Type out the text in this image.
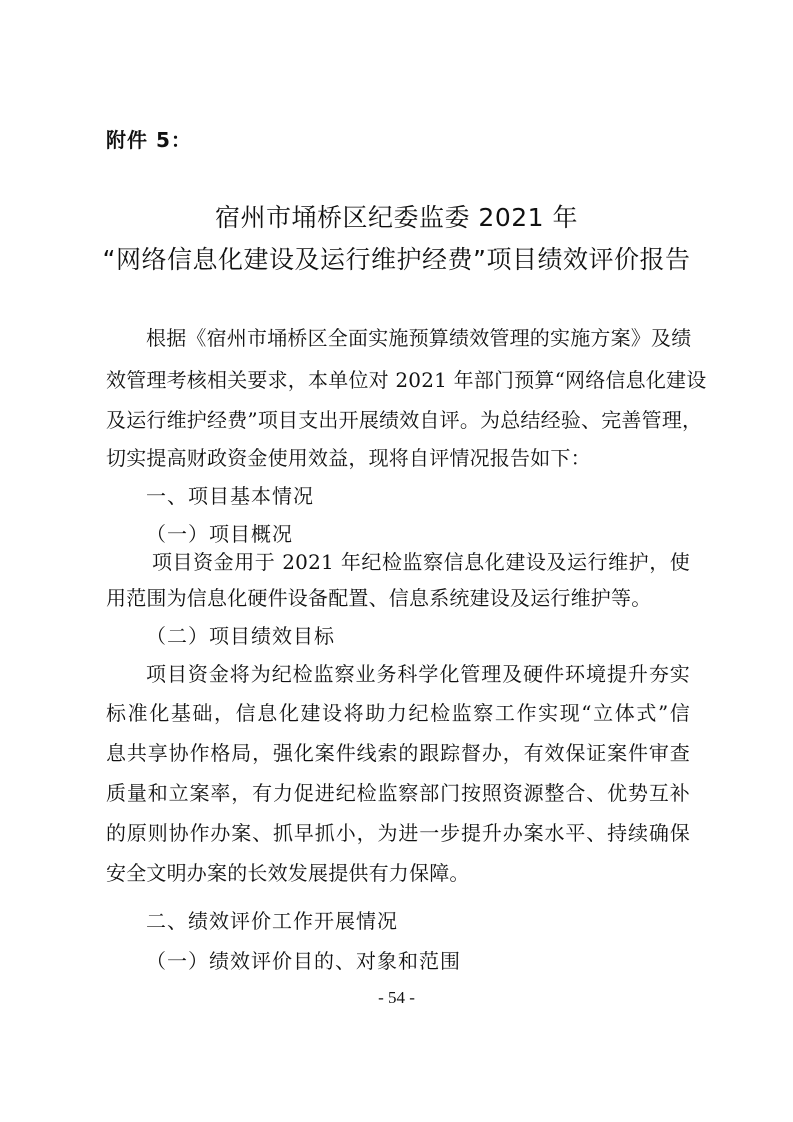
附件 5：
宿州市埇桥区纪委监委 2021 年
“网络信息化建设及运行维护经费”项目绩效评价报告
根据《宿州市埇桥区全面实施预算绩效管理的实施方案》及绩
效管理考核相关要求，本单位对 2021 年部门预算“网络信息化建设
及运行维护经费”项目支出开展绩效自评。为总结经验、完善管理，
切实提高财政资金使用效益，现将自评情况报告如下：
一、项目基本情况
（一）项目概况
项目资金用于 2021 年纪检监察信息化建设及运行维护，使
用范围为信息化硬件设备配置、信息系统建设及运行维护等。
（二）项目绩效目标
项目资金将为纪检监察业务科学化管理及硬件环境提升夯实
标准化基础，信息化建设将助力纪检监察工作实现“立体式”信
息共享协作格局，强化案件线索的跟踪督办，有效保证案件审查
质量和立案率，有力促进纪检监察部门按照资源整合、优势互补
的原则协作办案、抓早抓小，为进一步提升办案水平、持续确保
安全文明办案的长效发展提供有力保障。
二、绩效评价工作开展情况
（一）绩效评价目的、对象和范围
- 54 -
